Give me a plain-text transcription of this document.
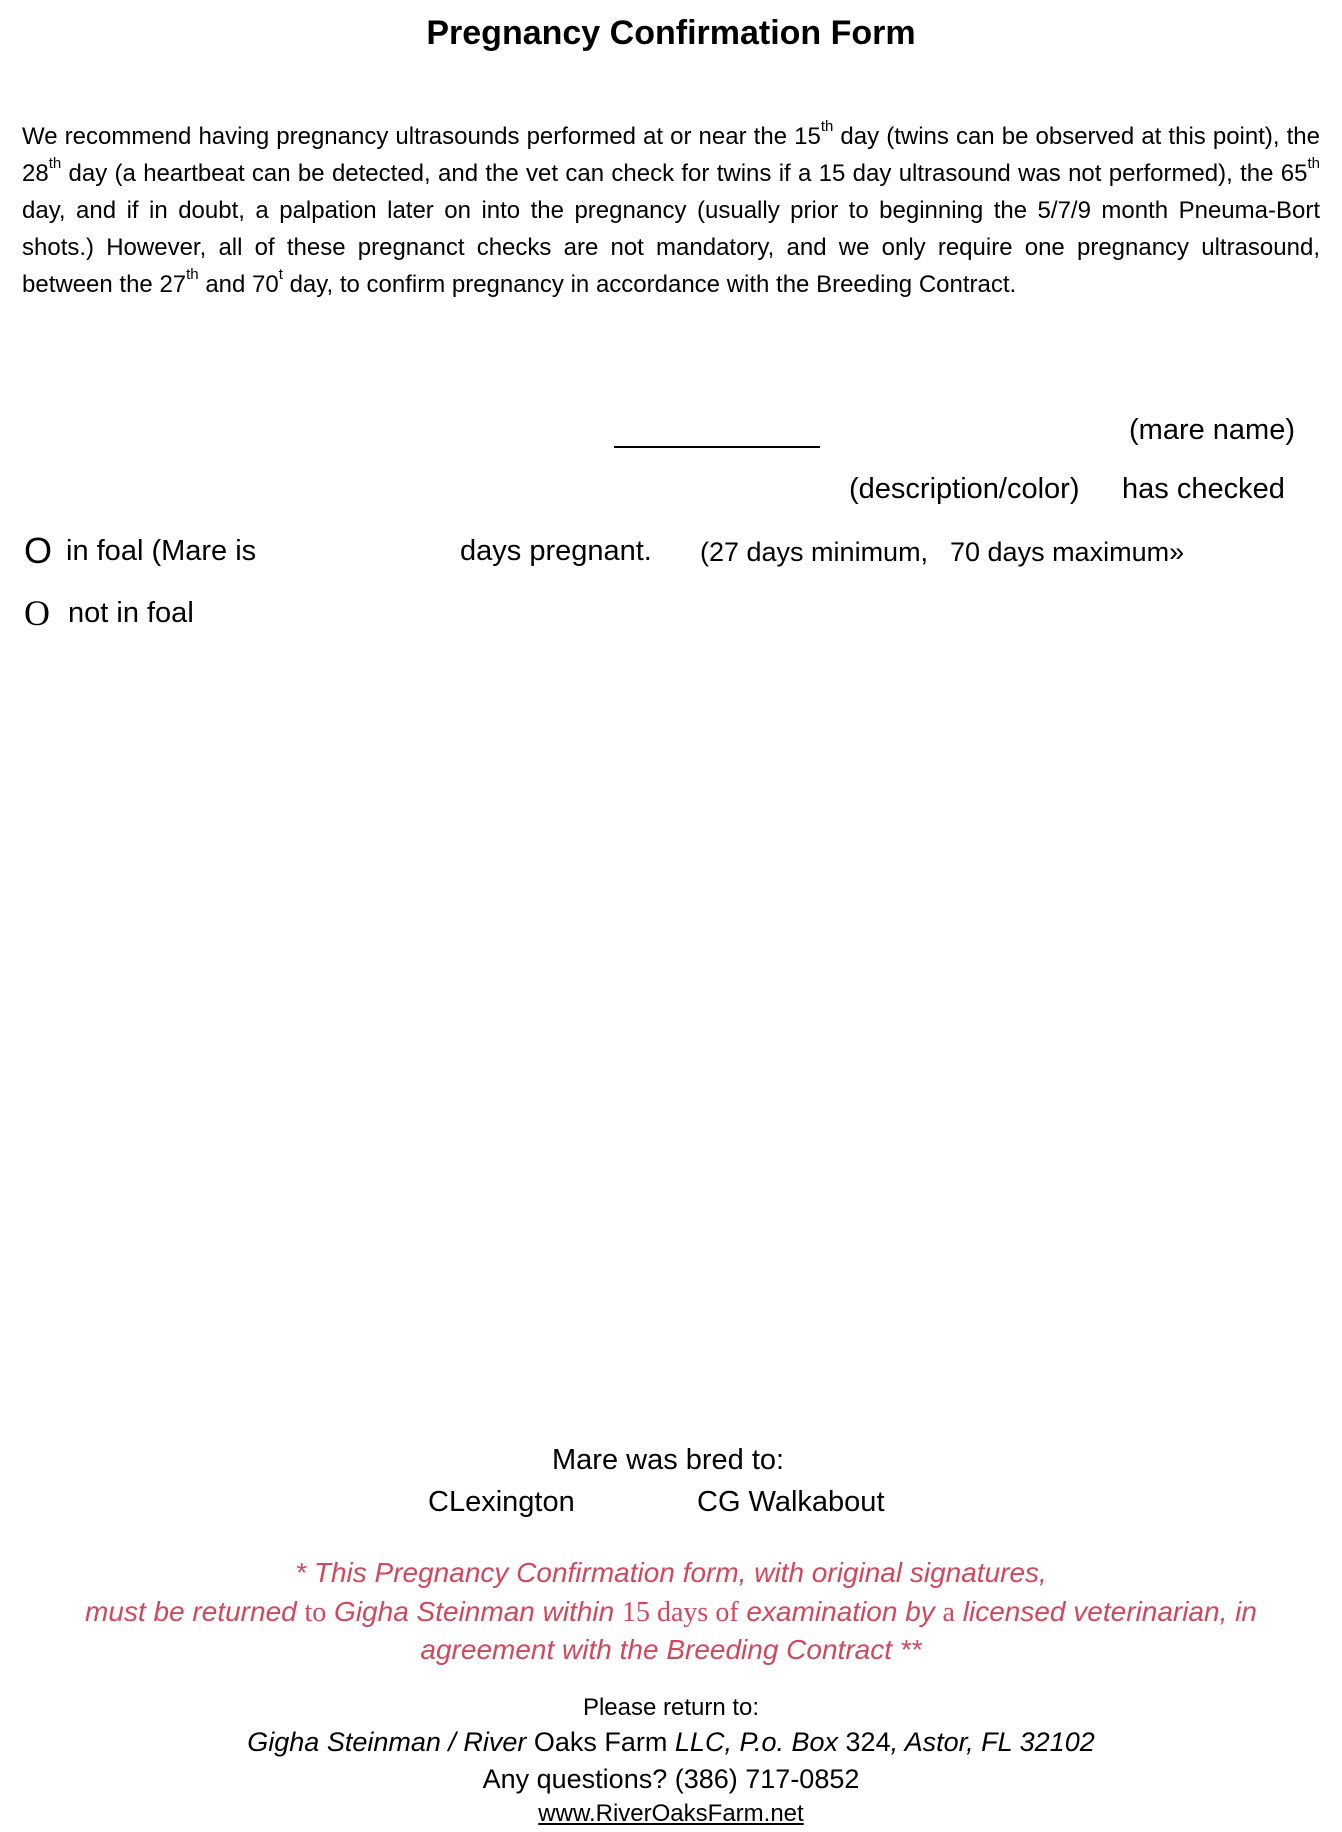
Pregnancy Confirmation Form
We recommend having pregnancy ultrasounds performed at or near the 15th day (twins can be observed at this point), the 28th day (a heartbeat can be detected, and the vet can check for twins if a 15 day ultrasound was not performed), the 65th day, and if in doubt, a palpation later on into the pregnancy (usually prior to beginning the 5/7/9 month Pneuma-Bort shots.) However, all of these pregnanct checks are not mandatory, and we only require one pregnancy ultrasound, between the 27th and 70$^t$ day, to confirm pregnancy in accordance with the Breeding Contract.
(mare name)
(description/color) has checked
O in foal (Mare is	days pregnant. (27 days minimum, 70 days maximum»
O not in foal
Mare was bred to:
CLexington	CG Walkabout
* This Pregnancy Confirmation form, with original signatures,
must be returned to Gigha Steinman within 15 days of examination by a licensed veterinarian, in
agreement with the Breeding Contract **
Please return to:
Gigha Steinman / River Oaks Farm LLC, P.o. Box 324, Astor, FL 32102
Any questions? (386) 717-0852
www.RiverOaksFarm.net
